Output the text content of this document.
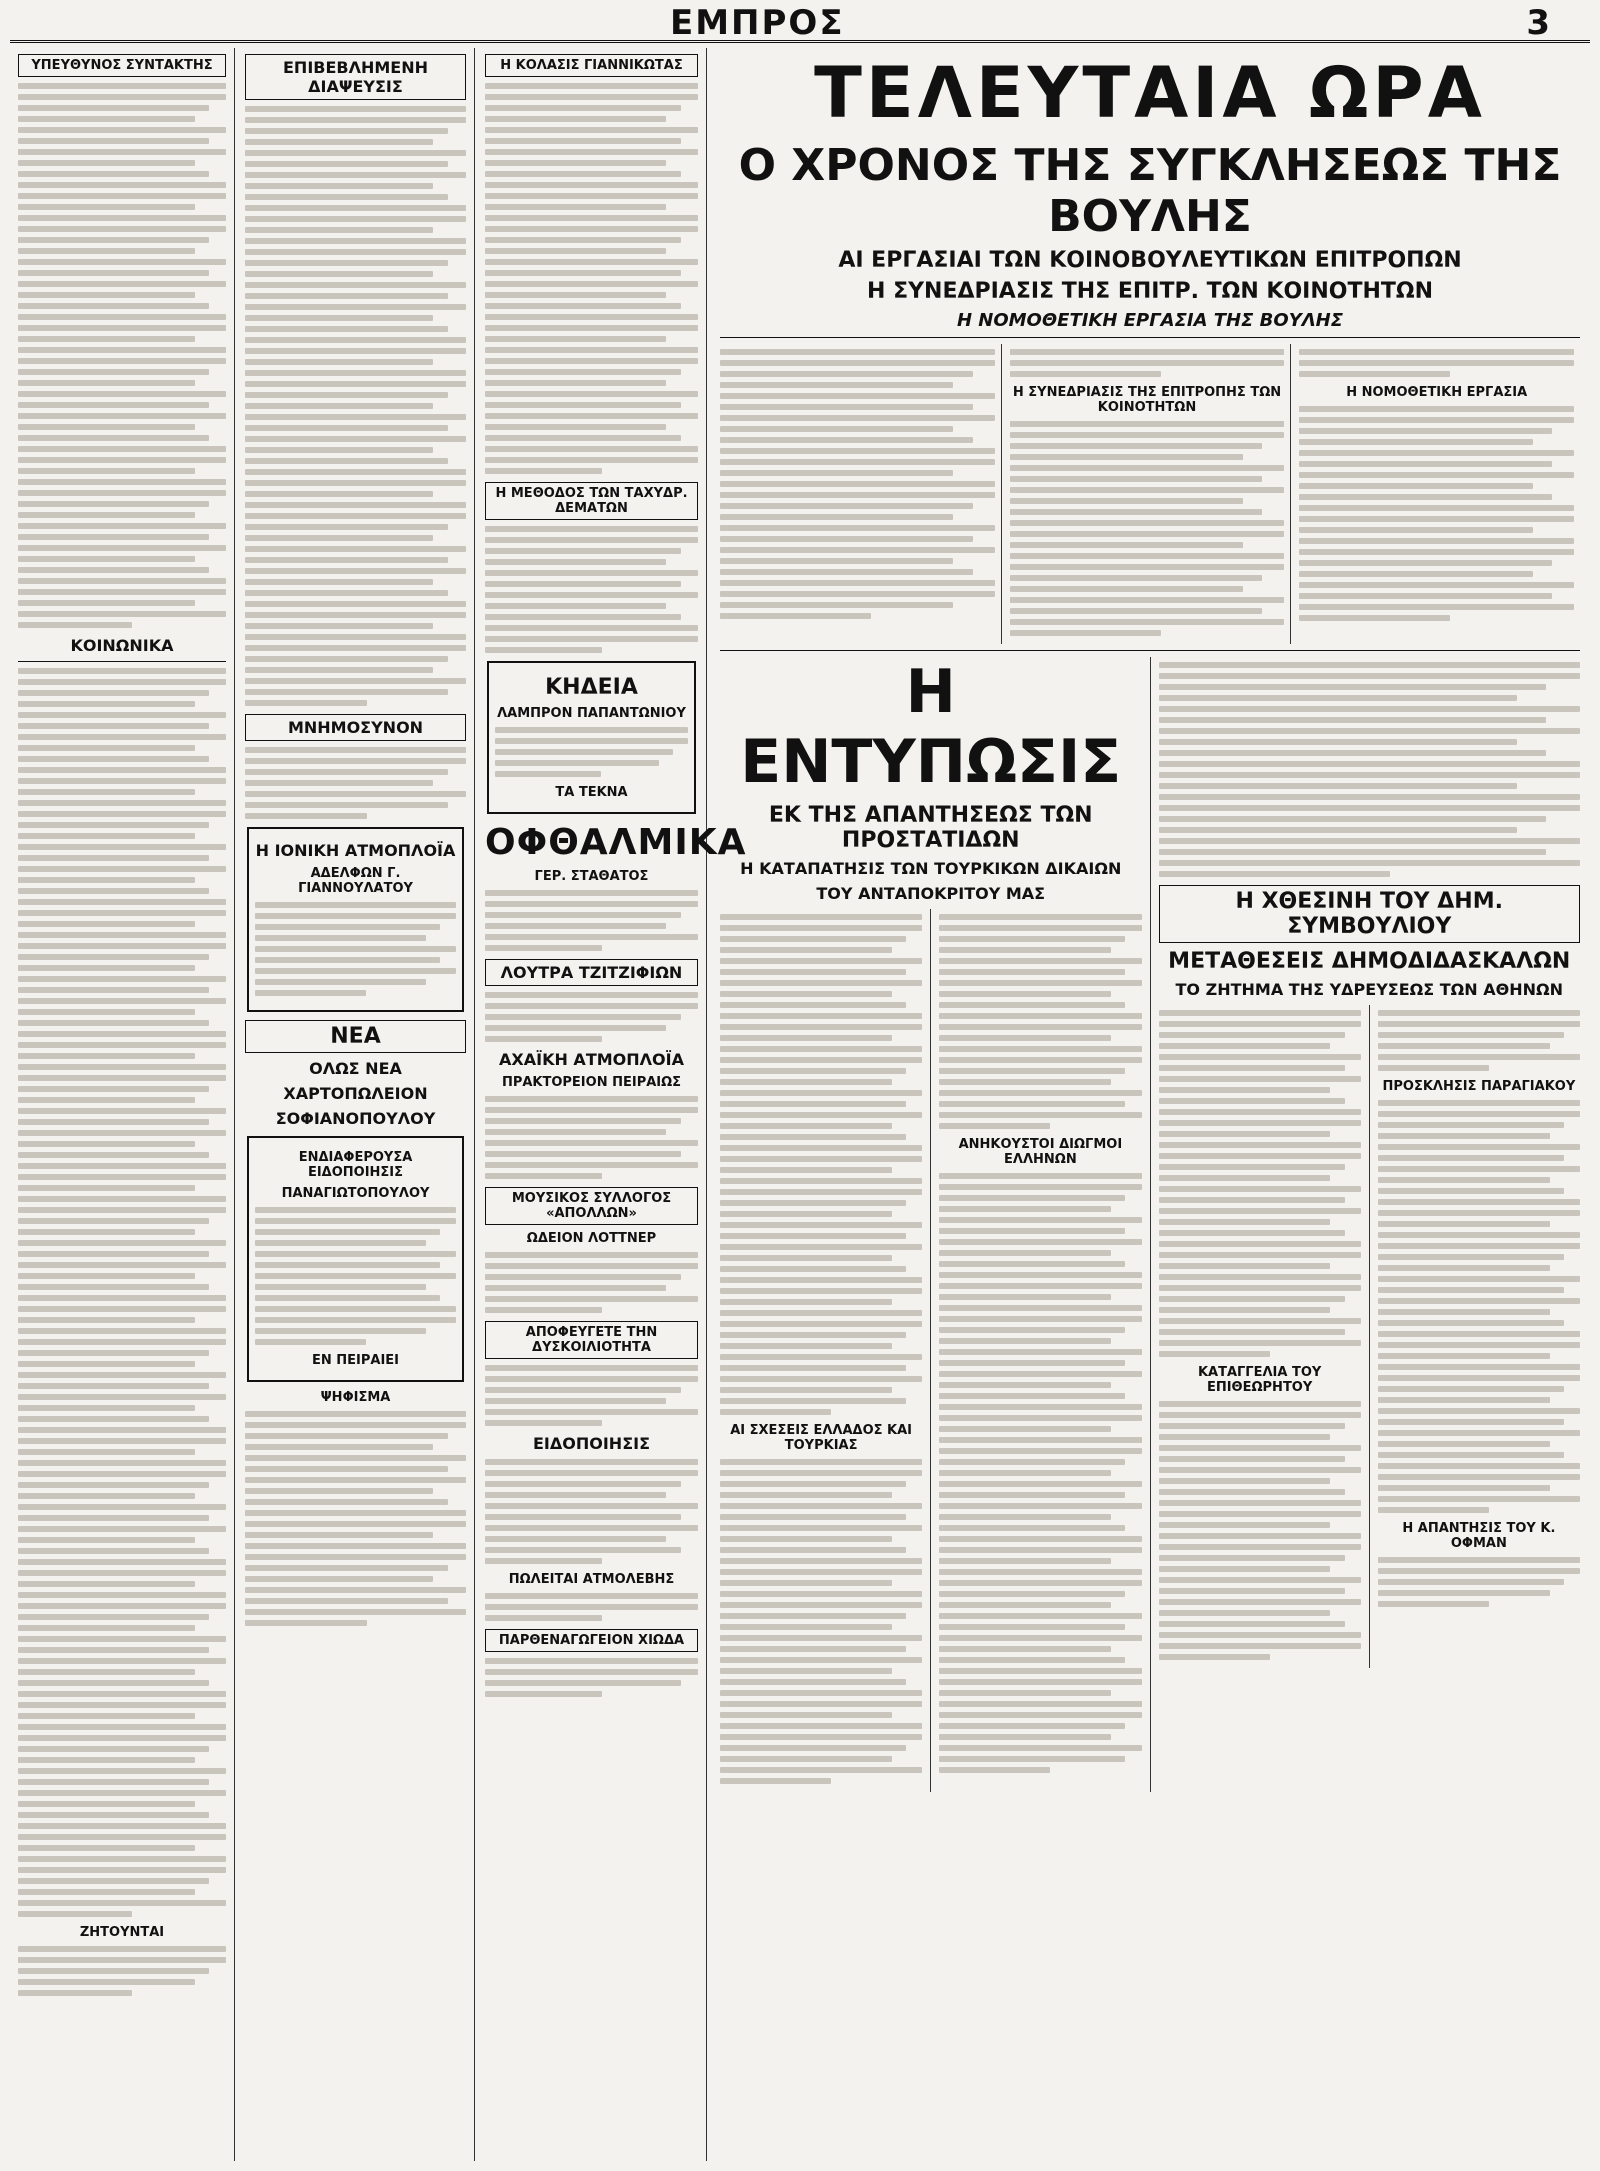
ΕΜΠΡΟΣ	3
ΥΠΕΥΘΥΝΟΣ ΣΥΝΤΑΚΤΗΣ
ΚΟΙΝΩΝΙΚΑ
ΖΗΤΟΥΝΤΑΙ
ΕΠΙΒΕΒΛΗΜΕΝΗ ΔΙΑΨΕΥΣΙΣ
ΜΝΗΜΟΣΥΝΟΝ
Η ΙΟΝΙΚΗ ΑΤΜΟΠΛΟΪΑ
ΑΔΕΛΦΩΝ Γ. ΓΙΑΝΝΟΥΛΑΤΟΥ
ΝΕΑ
ΟΛΩΣ ΝΕΑ
ΧΑΡΤΟΠΩΛΕΙΟΝ
ΣΟΦΙΑΝΟΠΟΥΛΟΥ
ΕΝΔΙΑΦΕΡΟΥΣΑ ΕΙΔΟΠΟΙΗΣΙΣ
ΠΑΝΑΓΙΩΤΟΠΟΥΛΟΥ
ΕΝ ΠΕΙΡΑΙΕΙ
ΨΗΦΙΣΜΑ
Η ΚΟΛΑΣΙΣ ΓΙΑΝΝΙΚΩΤΑΣ
Η ΜΕΘΟΔΟΣ ΤΩΝ ΤΑΧΥΔΡ. ΔΕΜΑΤΩΝ
ΚΗΔΕΙΑ
ΛΑΜΠΡΟΝ ΠΑΠΑΝΤΩΝΙΟΥ
ΤΑ ΤΕΚΝΑ
ΟΦΘΑΛΜΙΚΑ
ΓΕΡ. ΣΤΑΘΑΤΟΣ
ΛΟΥΤΡΑ ΤΖΙΤΖΙΦΙΩΝ
ΑΧΑΪΚΗ ΑΤΜΟΠΛΟΪΑ
ΠΡΑΚΤΟΡΕΙΟΝ ΠΕΙΡΑΙΩΣ
ΜΟΥΣΙΚΟΣ ΣΥΛΛΟΓΟΣ «ΑΠΟΛΛΩΝ»
ΩΔΕΙΟΝ ΛΟΤΤΝΕΡ
ΑΠΟΦΕΥΓΕΤΕ ΤΗΝ ΔΥΣΚΟΙΛΙΟΤΗΤΑ
ΕΙΔΟΠΟΙΗΣΙΣ
ΠΩΛΕΙΤΑΙ ΑΤΜΟΛΕΒΗΣ
ΠΑΡΘΕΝΑΓΩΓΕΙΟΝ ΧΙΩΔΑ
ΤΕΛΕΥΤΑΙΑ ΩΡΑ
Ο ΧΡΟΝΟΣ ΤΗΣ ΣΥΓΚΛΗΣΕΩΣ ΤΗΣ ΒΟΥΛΗΣ
ΑΙ ΕΡΓΑΣΙΑΙ ΤΩΝ ΚΟΙΝΟΒΟΥΛΕΥΤΙΚΩΝ ΕΠΙΤΡΟΠΩΝ
Η ΣΥΝΕΔΡΙΑΣΙΣ ΤΗΣ ΕΠΙΤΡ. ΤΩΝ ΚΟΙΝΟΤΗΤΩΝ
Η ΝΟΜΟΘΕΤΙΚΗ ΕΡΓΑΣΙΑ ΤΗΣ ΒΟΥΛΗΣ
Η ΣΥΝΕΔΡΙΑΣΙΣ ΤΗΣ ΕΠΙΤΡΟΠΗΣ ΤΩΝ ΚΟΙΝΟΤΗΤΩΝ
Η ΝΟΜΟΘΕΤΙΚΗ ΕΡΓΑΣΙΑ
Η ΕΝΤΥΠΩΣΙΣ
ΕΚ ΤΗΣ ΑΠΑΝΤΗΣΕΩΣ ΤΩΝ ΠΡΟΣΤΑΤΙΔΩΝ
Η ΚΑΤΑΠΑΤΗΣΙΣ ΤΩΝ ΤΟΥΡΚΙΚΩΝ ΔΙΚΑΙΩΝ
ΤΟΥ ΑΝΤΑΠΟΚΡΙΤΟΥ ΜΑΣ
ΑΙ ΣΧΕΣΕΙΣ ΕΛΛΑΔΟΣ ΚΑΙ ΤΟΥΡΚΙΑΣ
ΑΝΗΚΟΥΣΤΟΙ ΔΙΩΓΜΟΙ ΕΛΛΗΝΩΝ
Η ΧΘΕΣΙΝΗ ΤΟΥ ΔΗΜ. ΣΥΜΒΟΥΛΙΟΥ
ΜΕΤΑΘΕΣΕΙΣ ΔΗΜΟΔΙΔΑΣΚΑΛΩΝ
ΤΟ ΖΗΤΗΜΑ ΤΗΣ ΥΔΡΕΥΣΕΩΣ ΤΩΝ ΑΘΗΝΩΝ
ΚΑΤΑΓΓΕΛΙΑ ΤΟΥ ΕΠΙΘΕΩΡΗΤΟΥ
ΠΡΟΣΚΛΗΣΙΣ ΠΑΡΑΓΙΑΚΟΥ
Η ΑΠΑΝΤΗΣΙΣ ΤΟΥ Κ. ΟΦΜΑΝ
